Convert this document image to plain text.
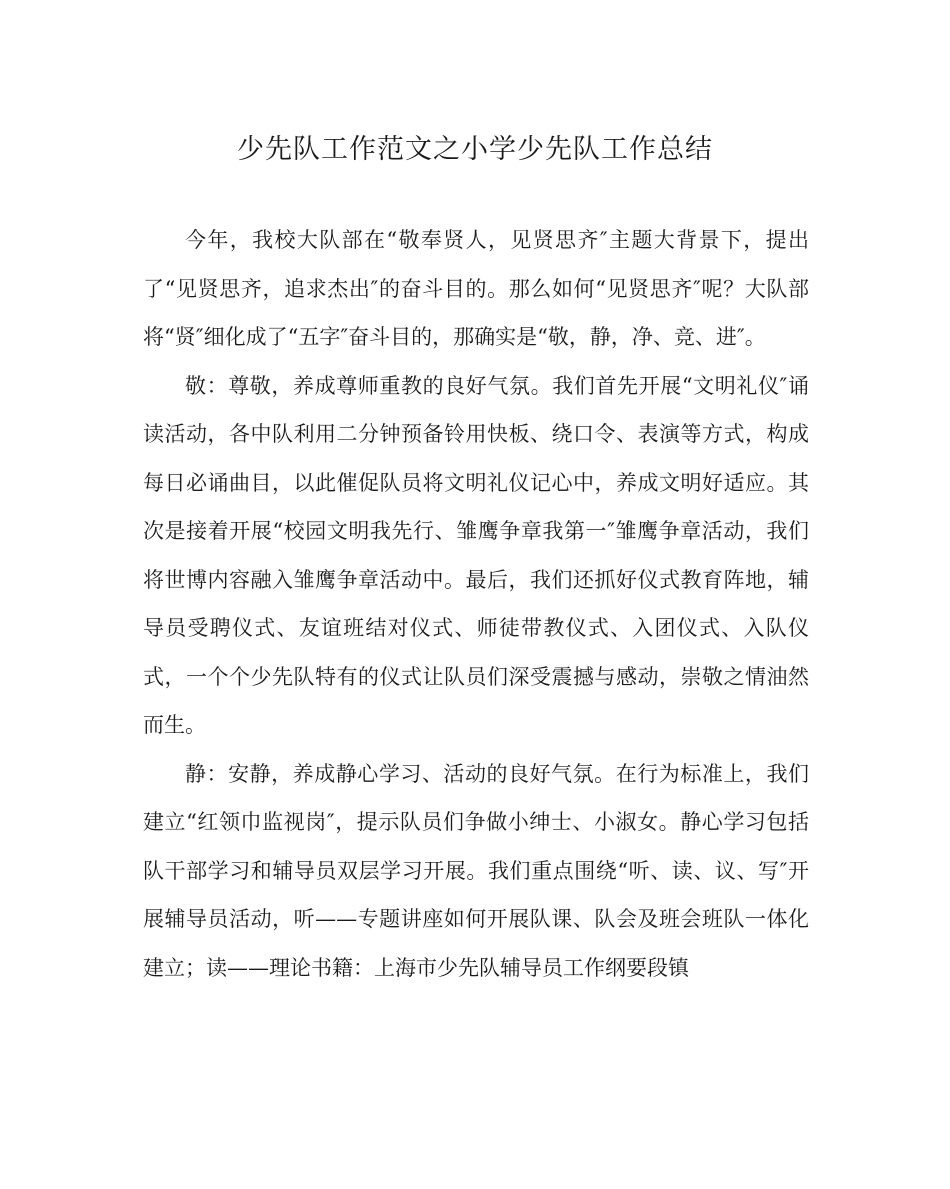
少先队工作范文之小学少先队工作总结

今年，我校大队部在“敬奉贤人，见贤思齐″主题大背景下，提出了“见贤思齐，追求杰出″的奋斗目的。那么如何“见贤思齐″呢？大队部将“贤″细化成了“五字″奋斗目的，那确实是“敬，静，净、竞、进″。

敬：尊敬，养成尊师重教的良好气氛。我们首先开展“文明礼仪″诵读活动，各中队利用二分钟预备铃用快板、绕口令、表演等方式，构成每日必诵曲目，以此催促队员将文明礼仪记心中，养成文明好适应。其次是接着开展“校园文明我先行、雏鹰争章我第一″雏鹰争章活动，我们将世博内容融入雏鹰争章活动中。最后，我们还抓好仪式教育阵地，辅导员受聘仪式、友谊班结对仪式、师徒带教仪式、入团仪式、入队仪式，一个个少先队特有的仪式让队员们深受震撼与感动，崇敬之情油然而生。

静：安静，养成静心学习、活动的良好气氛。在行为标准上，我们建立“红领巾监视岗″，提示队员们争做小绅士、小淑女。静心学习包括队干部学习和辅导员双层学习开展。我们重点围绕“听、读、议、写″开展辅导员活动，听——专题讲座如何开展队课、队会及班会班队一体化建立；读——理论书籍：上海市少先队辅导员工作纲要段镇
